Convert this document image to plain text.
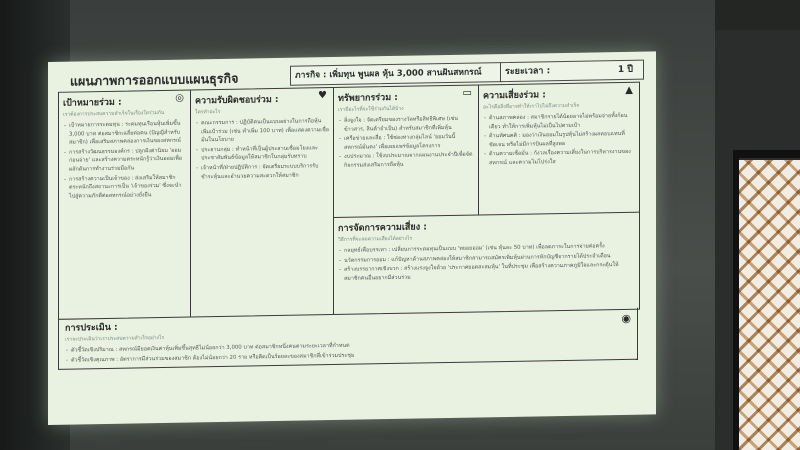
แผนภาพการออกแบบแผนธุรกิจ	ภารกิจ : เพิ่มทุน พูนผล หุ้น 3,000 สานฝันสหกรณ์	ระยะเวลา :	1 ปี
เป้าหมายร่วม :	◎
เราต้องการประสบความสำเร็จในเรื่องใดร่วมกัน
- เป้าหมายการระดมทุน : ระดมทุนเรือนหุ้นเพิ่มขึ้น 3,000 บาท ต่อสมาชิกเฉลี่ยต่อคน (ปัญญีสำหรับสมาชิก) เพื่อเสริมสภาพคล่องการเงินของสหกรณ์
- การสร้างวัฒนธรรมองค์กร : ปลูกฝังค่านิยม 'ออมก่อนจ่าย' และสร้างความตระหนักรู้ว่าเงินออมเพื่อผลักดันการทำงานร่วมมือกัน
- การสร้างความเป็นเจ้าของ : ส่งเสริมให้สมาชิกตระหนักถึงสถานะการเป็น 'เจ้าของร่วม' ซึ่งจะนำไปสู่ความภักดีต่อสหกรณ์อย่างยั่งยืน
ความรับผิดชอบร่วม :	♥
ใครทำอะไร
- คณะกรรมการ : ปฏิบัติตนเป็นแบบอย่างในการถือหุ้นเพิ่มเป้าร่วม (เช่น ทำเพิ่ม 100 บาท) เพื่อแสดงความเชื่อมั่นในนโยบาย
- ประธานกลุ่ม : ทำหน้าที่เป็นผู้ประสานเชื่อมโยงและประชาสัมพันธ์ข้อมูลให้สมาชิกในกลุ่มรับทราบ
- เจ้าหน้าที่/ฝ่ายปฏิบัติการ : จัดเตรียมระบบบริการรับชำระหุ้นและอำนวยความสะดวกให้สมาชิก
ทรัพยากรร่วม :	▭
เรามีอะไรที่จะใช้ร่วมกันได้บ้าง
- สิ่งจูงใจ : จัดเตรียมของรางวัลหรือสิทธิพิเศษ (เช่น ข้าวสาร, สินค้าจำเป็น) สำหรับสมาชิกที่เพิ่มหุ้น
- เครือข่ายและสื่อ : ใช้ช่องทางกลุ่มไลน์ 'ออมวันนี้ สหกรณ์มั่นคง' เพื่อเผยแพร่ข้อมูลโครงการ
- งบประมาณ : ใช้งบประมาณจากแผนงานประจำปีเพื่อจัดกิจกรรมส่งเสริมการถือหุ้น
ความเสี่ยงร่วม :	▲
อะไรคือสิ่งที่อาจทำให้เราไปไม่ถึงความสำเร็จ
- ด้านสภาพคล่อง : สมาชิกรายได้น้อยอาจไม่พร้อมจ่ายทั้งก้อนเดียว ทำให้การเพิ่มหุ้นไม่เป็นไปตามเป้า
- ด้านทัศนคติ : มองว่าเงินออมในรูปหุ้นไม่สร้างผลตอบแทนที่ชัดเจน หรือไม่มีการปันผลที่สูงพอ
- ด้านความเชื่อมั่น : กังวลเรื่องความเสี่ยงในการบริหารงานของสหกรณ์ และความไม่โปร่งใส
การจัดการความเสี่ยง :
วิธีการที่จะลดความเสี่ยงได้อย่างไร
- กลยุทธ์เพื่อบรรเทา : เปลี่ยนการระดมทุนเป็นแบบ 'ทยอยออม' (เช่น หุ้นละ 50 บาท) เพื่อลดภาระในการจ่ายต่อครั้ง
- นวัตกรรมการออม : แก้ปัญหาด้านสภาพคล่องให้สมาชิกสามารถสมัครเพิ่มหุ้นผ่านการหักบัญชีจากรายได้ประจำเดือน
- สร้างบรรยากาศเชิงบวก : สร้างแรงจูงใจด้วย 'ประกาศยอดสะสมหุ้น' ในที่ประชุม เพื่อสร้างความภาคภูมิใจและกระตุ้นให้สมาชิกคนอื่นอยากมีส่วนร่วม
การประเมิน :
◉
เราจะประเมินว่าเราประสบความสำเร็จอย่างไร
- ตัวชี้วัดเชิงปริมาณ : สหกรณ์มียอดเงินค่าหุ้นเพิ่มขึ้นสุทธิไม่น้อยกว่า 3,000 บาท ต่อสมาชิกหนึ่งคนตามระยะเวลาที่กำหนด
- ตัวชี้วัดเชิงคุณภาพ : อัตราการมีส่วนร่วมของสมาชิก ต้องไม่น้อยกว่า 20 ราย หรือคิดเป็นร้อยละของสมาชิกที่เข้าร่วมประชุม
